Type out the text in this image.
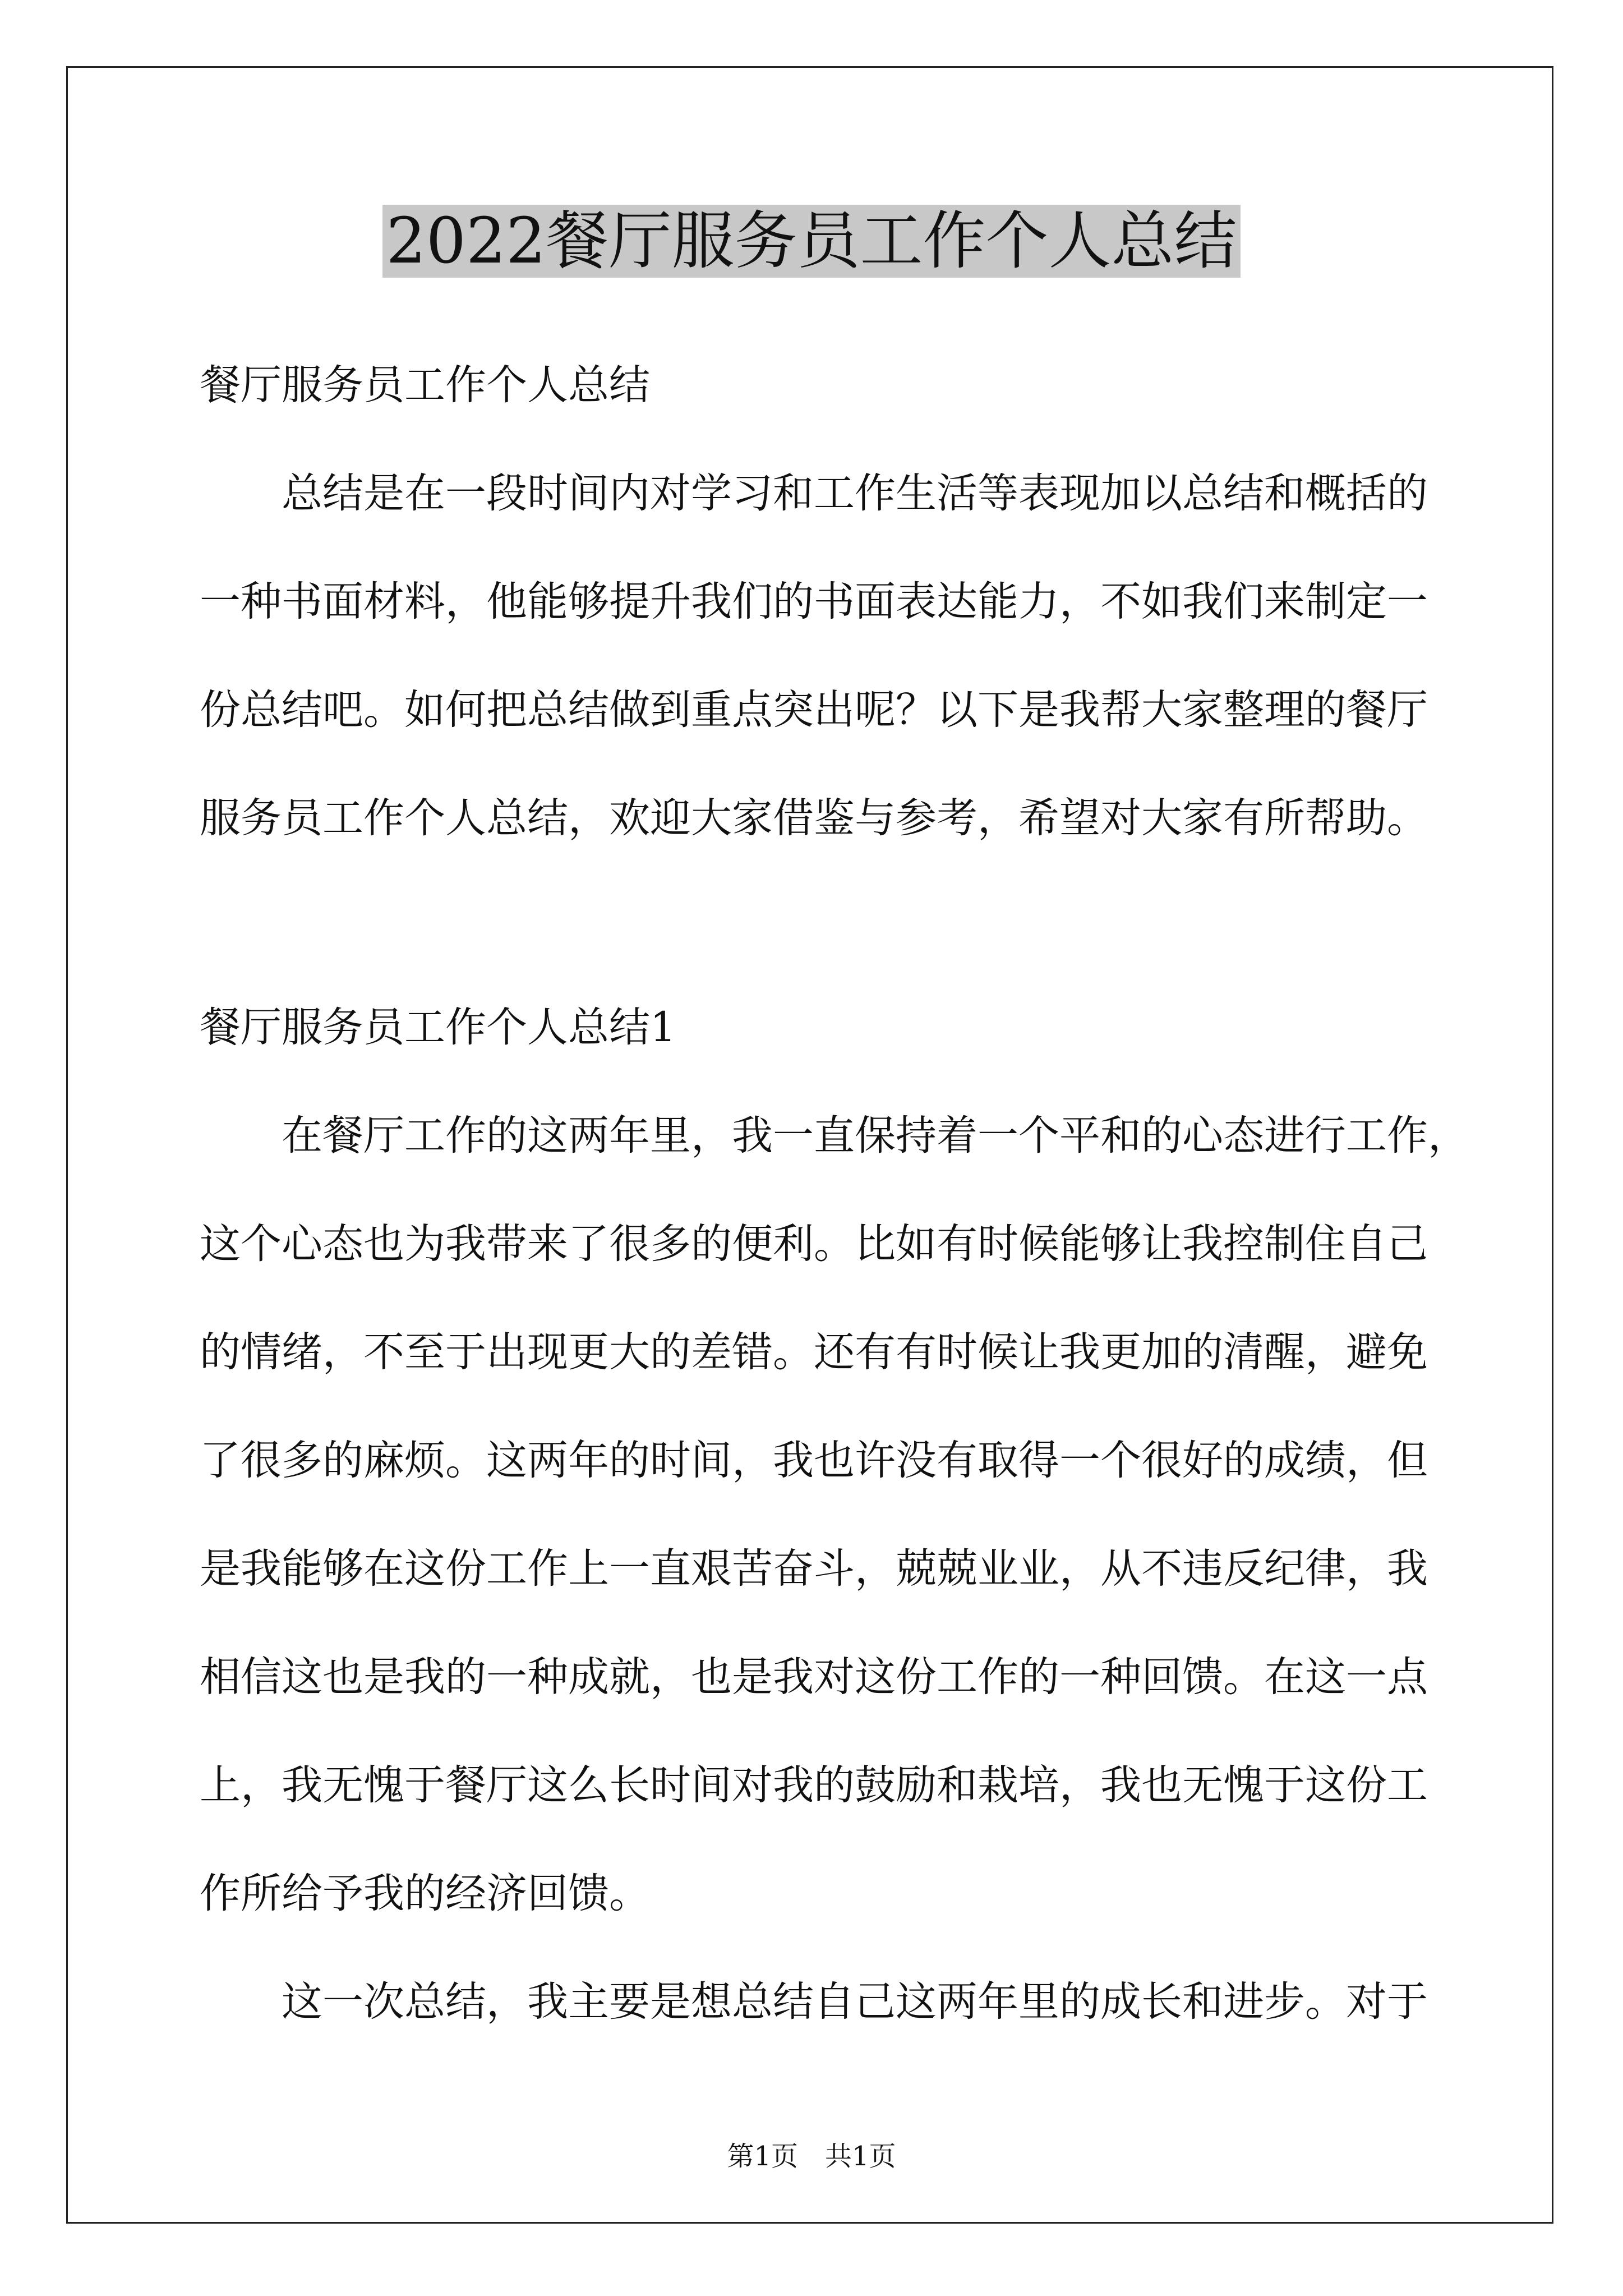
2022餐厅服务员工作个人总结
餐厅服务员工作个人总结
总结是在一段时间内对学习和工作生活等表现加以总结和概括的
一种书面材料，他能够提升我们的书面表达能力，不如我们来制定一
份总结吧。如何把总结做到重点突出呢？以下是我帮大家整理的餐厅
服务员工作个人总结，欢迎大家借鉴与参考，希望对大家有所帮助。
餐厅服务员工作个人总结1
在餐厅工作的这两年里，我一直保持着一个平和的心态进行工作，
这个心态也为我带来了很多的便利。比如有时候能够让我控制住自己
的情绪，不至于出现更大的差错。还有有时候让我更加的清醒，避免
了很多的麻烦。这两年的时间，我也许没有取得一个很好的成绩，但
是我能够在这份工作上一直艰苦奋斗，兢兢业业，从不违反纪律，我
相信这也是我的一种成就，也是我对这份工作的一种回馈。在这一点
上，我无愧于餐厅这么长时间对我的鼓励和栽培，我也无愧于这份工
作所给予我的经济回馈。
这一次总结，我主要是想总结自己这两年里的成长和进步。对于

第1页　共1页
